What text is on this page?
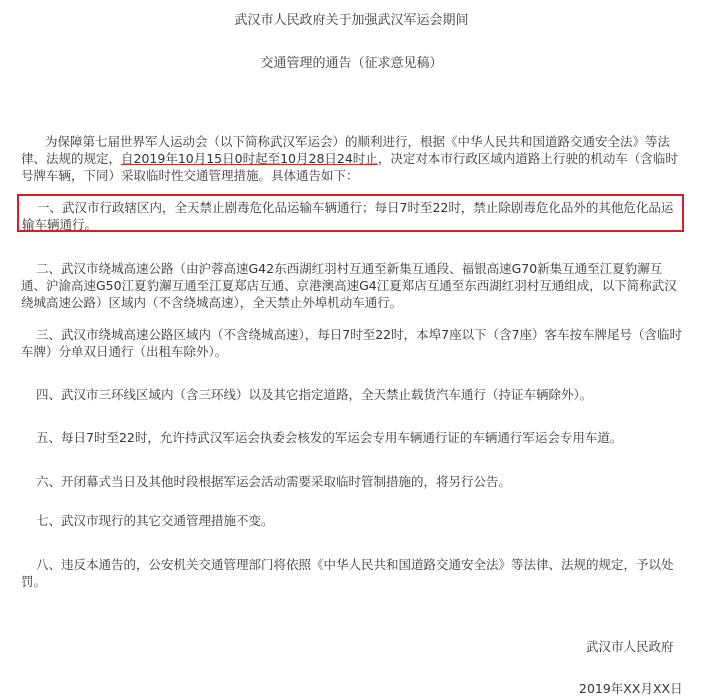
武汉市人民政府关于加强武汉军运会期间
交通管理的通告（征求意见稿）

为保障第七届世界军人运动会（以下简称武汉军运会）的顺利进行，根据《中华人民共和国道路交通安全法》等法律、法规的规定，自2019年10月15日0时起至10月28日24时止，决定对本市行政区域内道路上行驶的机动车（含临时号牌车辆，下同）采取临时性交通管理措施。具体通告如下：

一、武汉市行政辖区内，全天禁止剧毒危化品运输车辆通行；每日7时至22时，禁止除剧毒危化品外的其他危化品运输车辆通行。

二、武汉市绕城高速公路（由沪蓉高速G42东西湖红羽村互通至新集互通段、福银高速G70新集互通至江夏豹澥互通、沪渝高速G50江夏豹澥互通至江夏郑店互通、京港澳高速G4江夏郑店互通至东西湖红羽村互通组成，以下简称武汉绕城高速公路）区域内（不含绕城高速），全天禁止外埠机动车通行。

三、武汉市绕城高速公路区域内（不含绕城高速），每日7时至22时，本埠7座以下（含7座）客车按车牌尾号（含临时车牌）分单双日通行（出租车除外）。

四、武汉市三环线区域内（含三环线）以及其它指定道路，全天禁止载货汽车通行（持证车辆除外）。

五、每日7时至22时，允许持武汉军运会执委会核发的军运会专用车辆通行证的车辆通行军运会专用车道。

六、开闭幕式当日及其他时段根据军运会活动需要采取临时管制措施的，将另行公告。

七、武汉市现行的其它交通管理措施不变。

八、违反本通告的，公安机关交通管理部门将依照《中华人民共和国道路交通安全法》等法律、法规的规定，予以处罚。

武汉市人民政府
2019年XX月XX日
